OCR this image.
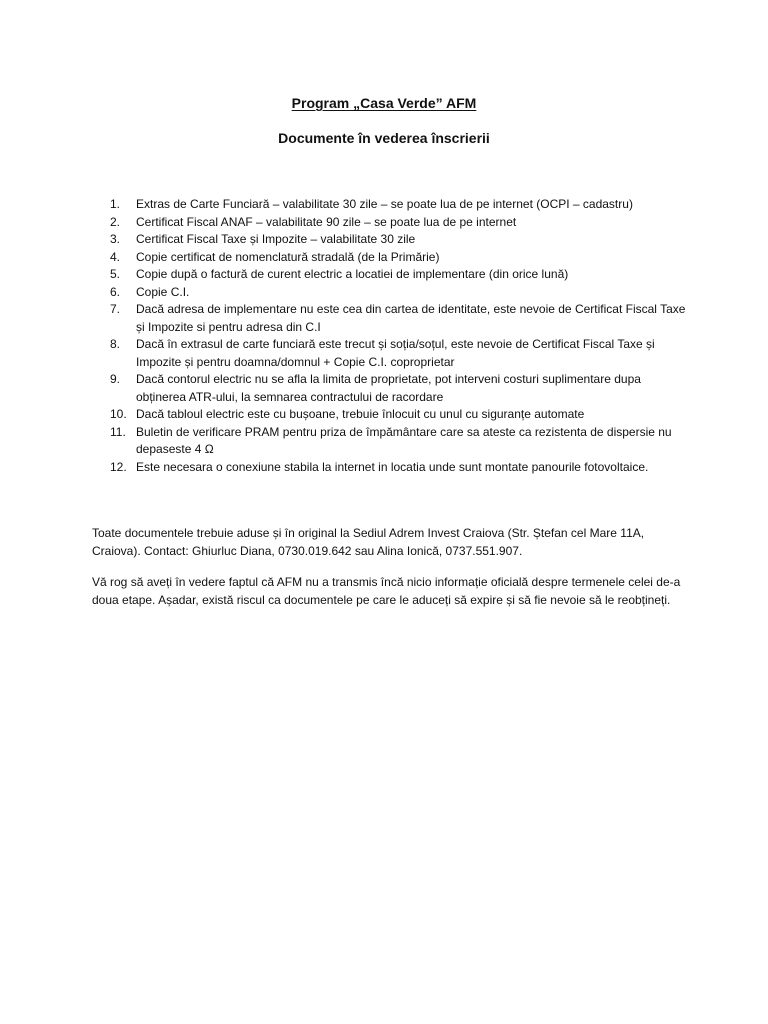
Program „Casa Verde” AFM
Documente în vederea înscrierii
1. Extras de Carte Funciară – valabilitate 30 zile – se poate lua de pe internet (OCPI – cadastru)
2. Certificat Fiscal ANAF – valabilitate 90 zile – se poate lua de pe internet
3. Certificat Fiscal Taxe și Impozite – valabilitate 30 zile
4. Copie certificat de nomenclatură stradală (de la Primărie)
5. Copie după o factură de curent electric a locatiei de implementare (din orice lună)
6. Copie C.I.
7. Dacă adresa de implementare nu este cea din cartea de identitate, este nevoie de Certificat Fiscal Taxe și Impozite si pentru adresa din C.I
8. Dacă în extrasul de carte funciară este trecut și soția/soțul, este nevoie de Certificat Fiscal Taxe și Impozite și pentru doamna/domnul + Copie C.I. coproprietar
9. Dacă contorul electric nu se afla la limita de proprietate, pot interveni costuri suplimentare dupa obținerea ATR-ului, la semnarea contractului de racordare
10. Dacă tabloul electric este cu bușoane, trebuie înlocuit cu unul cu siguranțe automate
11. Buletin de verificare PRAM pentru priza de împământare care sa ateste ca rezistenta de dispersie nu depaseste 4 Ω
12. Este necesara o conexiune stabila la internet in locatia unde sunt montate panourile fotovoltaice.

Toate documentele trebuie aduse și în original la Sediul Adrem Invest Craiova (Str. Ștefan cel Mare 11A, Craiova). Contact: Ghiurluc Diana, 0730.019.642 sau Alina Ionică, 0737.551.907.

Vă rog să aveți în vedere faptul că AFM nu a transmis încă nicio informație oficială despre termenele celei de-a doua etape. Așadar, există riscul ca documentele pe care le aduceți să expire și să fie nevoie să le reobțineți.
